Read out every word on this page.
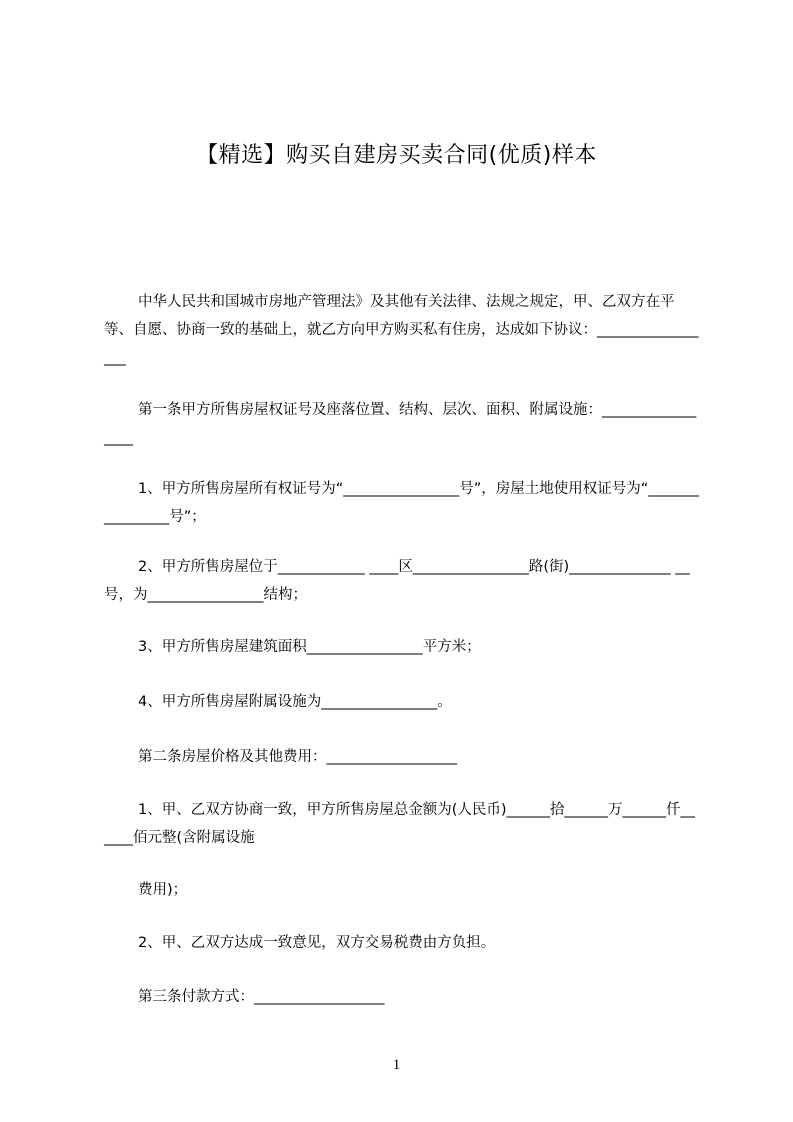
【精选】购买自建房买卖合同(优质)样本

中华人民共和国城市房地产管理法》及其他有关法律、法规之规定，甲、乙双方在平等、自愿、协商一致的基础上，就乙方向甲方购买私有住房，达成如下协议：_________________

第一条甲方所售房屋权证号及座落位置、结构、层次、面积、附属设施：_________________

1、甲方所售房屋所有权证号为“________________号”，房屋土地使用权证号为“________________号”；

2、甲方所售房屋位于____________ ____区________________路(街)______________ __号，为________________结构；

3、甲方所售房屋建筑面积________________平方米；

4、甲方所售房屋附属设施为________________。

第二条房屋价格及其他费用：__________________

1、甲、乙双方协商一致，甲方所售房屋总金额为(人民币)______拾______万______仟______佰元整(含附属设施

费用)；

2、甲、乙双方达成一致意见，双方交易税费由方负担。

第三条付款方式：__________________

1
